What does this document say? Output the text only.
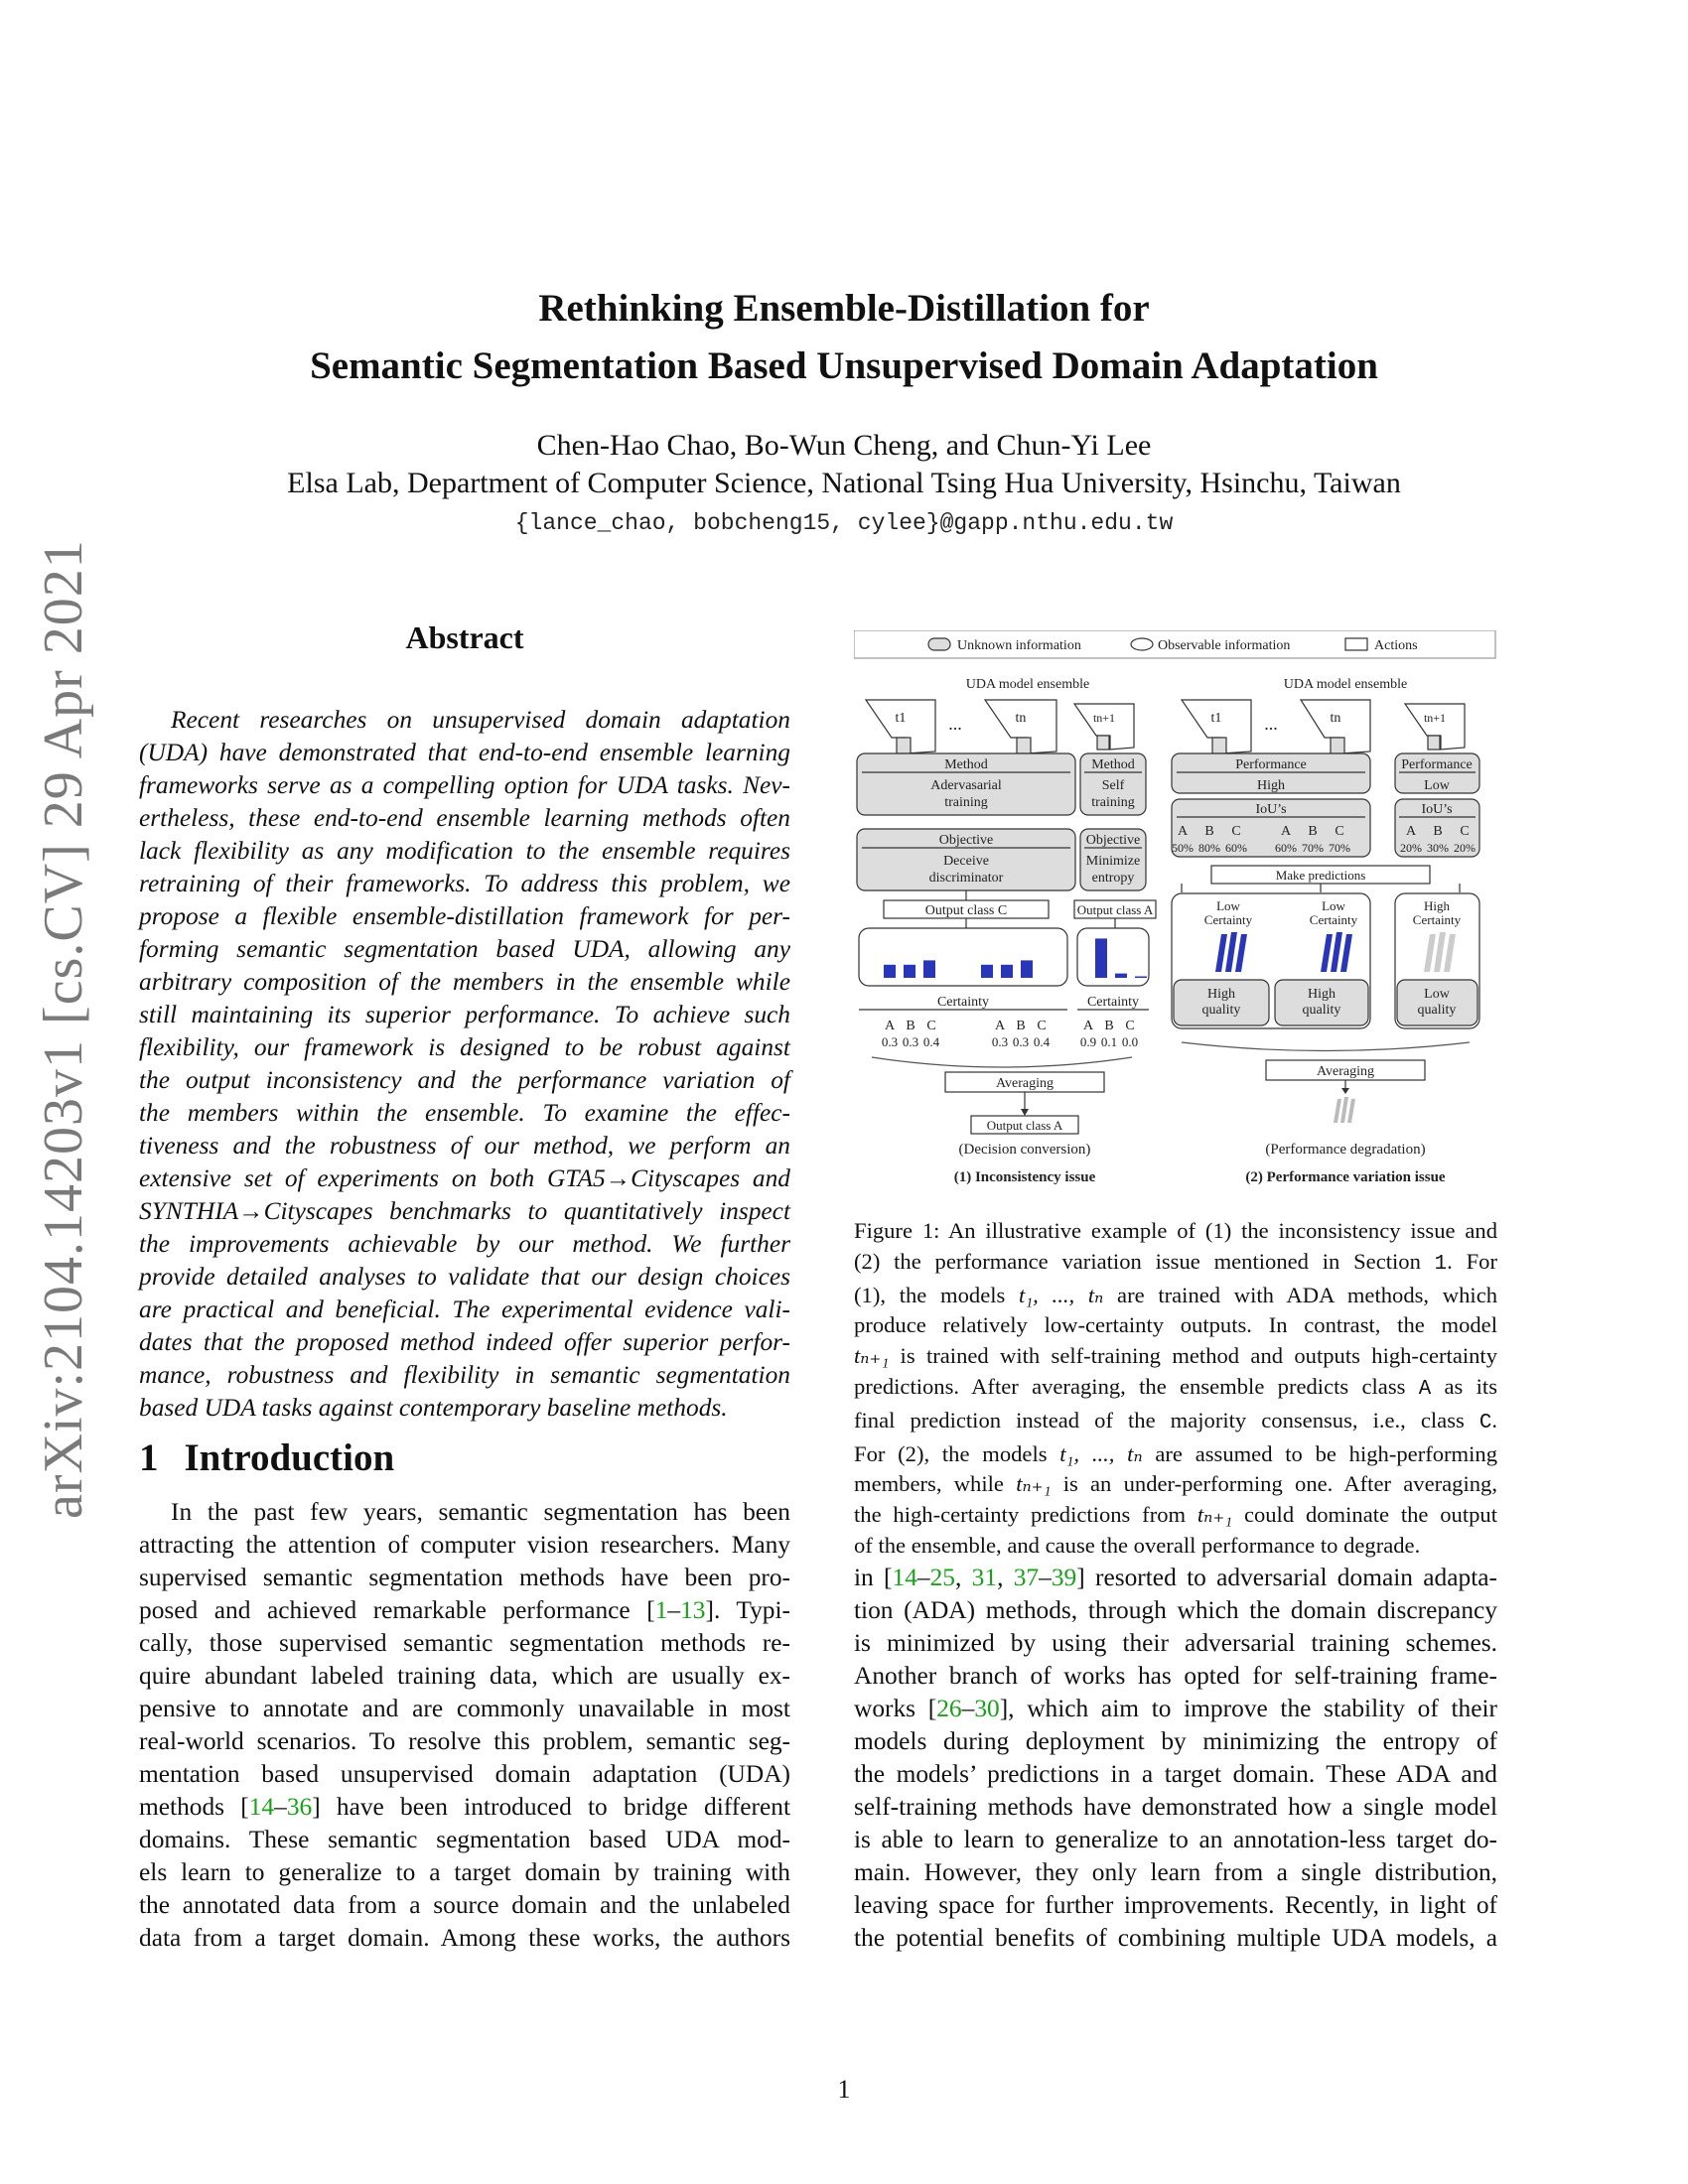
arXiv:2104.14203v1 [cs.CV] 29 Apr 2021
Rethinking Ensemble-Distillation for
Semantic Segmentation Based Unsupervised Domain Adaptation
Chen-Hao Chao, Bo-Wun Cheng, and Chun-Yi Lee
Elsa Lab, Department of Computer Science, National Tsing Hua University, Hsinchu, Taiwan
{lance_chao, bobcheng15, cylee}@gapp.nthu.edu.tw
Abstract
Recent researches on unsupervised domain adaptation
(UDA) have demonstrated that end-to-end ensemble learning
frameworks serve as a compelling option for UDA tasks. Nev-
ertheless, these end-to-end ensemble learning methods often
lack flexibility as any modification to the ensemble requires
retraining of their frameworks. To address this problem, we
propose a flexible ensemble-distillation framework for per-
forming semantic segmentation based UDA, allowing any
arbitrary composition of the members in the ensemble while
still maintaining its superior performance. To achieve such
flexibility, our framework is designed to be robust against
the output inconsistency and the performance variation of
the members within the ensemble. To examine the effec-
tiveness and the robustness of our method, we perform an
extensive set of experiments on both GTA5→Cityscapes and
SYNTHIA→Cityscapes benchmarks to quantitatively inspect
the improvements achievable by our method. We further
provide detailed analyses to validate that our design choices
are practical and beneficial. The experimental evidence vali-
dates that the proposed method indeed offer superior perfor-
mance, robustness and flexibility in semantic segmentation
based UDA tasks against contemporary baseline methods.
1 Introduction
In the past few years, semantic segmentation has been
attracting the attention of computer vision researchers. Many
supervised semantic segmentation methods have been pro-
posed and achieved remarkable performance [1–13]. Typi-
cally, those supervised semantic segmentation methods re-
quire abundant labeled training data, which are usually ex-
pensive to annotate and are commonly unavailable in most
real-world scenarios. To resolve this problem, semantic seg-
mentation based unsupervised domain adaptation (UDA)
methods [14–36] have been introduced to bridge different
domains. These semantic segmentation based UDA mod-
els learn to generalize to a target domain by training with
the annotated data from a source domain and the unlabeled
data from a target domain. Among these works, the authors
Unknown information	Observable information	Actions
UDA model ensemble
t1	tn	tn+1
...
Method
Adervasarial
training
Method
Self
training
Objective
Deceive
discriminator
Objective
Minimize
entropy
Output class C	Output class A
Certainty	Certainty
A
0.3
B
0.3
C
0.4
A
0.3
B
0.3
C
0.4
A
0.9
B
0.1
C
0.0
Averaging
Output class A
(Decision conversion)
(1) Inconsistency issue
UDA model ensemble
t1	tn	tn+1
...
Performance
High
Performance
Low
IoU’s	IoU’s
A
50%
B
80%
C
60%
A
60%
B
70%
C
70%
A
20%
B
30%
C
20%
Make predictions
Low
Certainty
Low
Certainty
High
Certainty
High
quality
High
quality
Low
quality
Averaging
(Performance degradation)
(2) Performance variation issue
Figure 1: An illustrative example of (1) the inconsistency issue and
(2) the performance variation issue mentioned in Section 1. For
(1), the models t₁, ..., tₙ are trained with ADA methods, which
produce relatively low-certainty outputs. In contrast, the model
tₙ₊₁ is trained with self-training method and outputs high-certainty
predictions. After averaging, the ensemble predicts class A as its
final prediction instead of the majority consensus, i.e., class C.
For (2), the models t₁, ..., tₙ are assumed to be high-performing
members, while tₙ₊₁ is an under-performing one. After averaging,
the high-certainty predictions from tₙ₊₁ could dominate the output
of the ensemble, and cause the overall performance to degrade.
in [14–25, 31, 37–39] resorted to adversarial domain adapta-
tion (ADA) methods, through which the domain discrepancy
is minimized by using their adversarial training schemes.
Another branch of works has opted for self-training frame-
works [26–30], which aim to improve the stability of their
models during deployment by minimizing the entropy of
the models’ predictions in a target domain. These ADA and
self-training methods have demonstrated how a single model
is able to learn to generalize to an annotation-less target do-
main. However, they only learn from a single distribution,
leaving space for further improvements. Recently, in light of
the potential benefits of combining multiple UDA models, a
1
